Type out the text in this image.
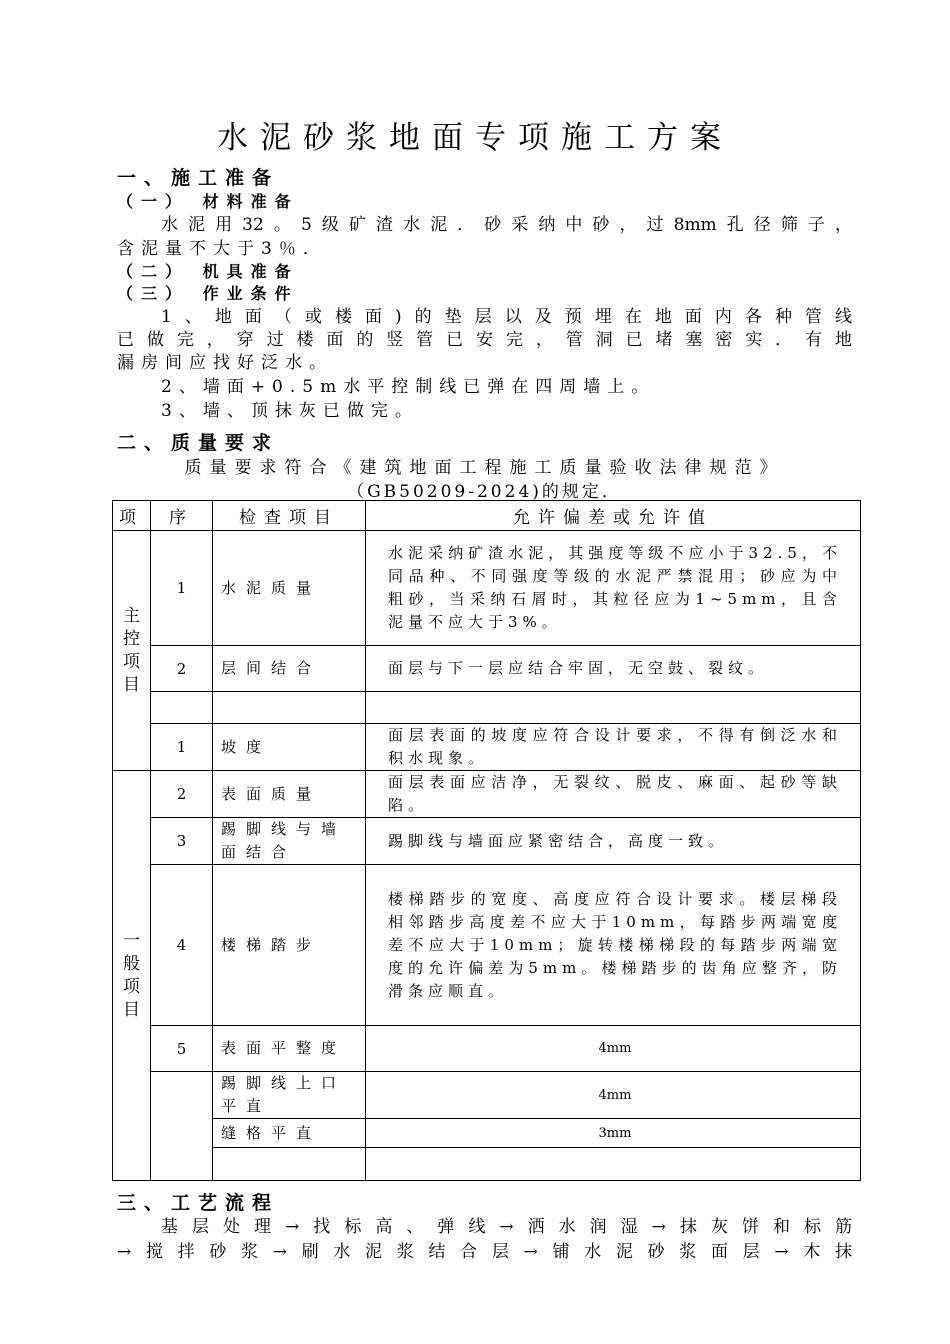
水泥砂浆地面专项施工方案
一、施工准备
（一） 材料准备
水泥用32。5级矿渣水泥．砂采纳中砂，过8mm孔径筛子，
含泥量不大于3％．
（二） 机具准备
（三） 作业条件
1、地面（或楼面)的垫层以及预埋在地面内各种管线
已做完，穿过楼面的竖管已安完，管洞已堵塞密实．有地
漏房间应找好泛水。
2、墙面+0.5m水平控制线已弹在四周墙上。
3、墙、顶抹灰已做完。
二、质量要求
质量要求符合《建筑地面工程施工质量验收法律规范》
（GB50209-2024)的规定．
项	序	检查项目	允许偏差或允许值
主控项目	1	水泥质量	水泥采纳矿渣水泥，其强度等级不应小于32.5，不同品种、不同强度等级的水泥严禁混用；砂应为中粗砂，当采纳石屑时，其粒径应为1~5mm，且含泥量不应大于3%。
	2	层间结合	面层与下一层应结合牢固，无空鼓、裂纹。

	1	坡度	面层表面的坡度应符合设计要求，不得有倒泛水和积水现象。
一般项目	2	表面质量	面层表面应洁净，无裂纹、脱皮、麻面、起砂等缺陷。
	3	踢脚线与墙面结合	踢脚线与墙面应紧密结合，高度一致。
	4	楼梯踏步	楼梯踏步的宽度、高度应符合设计要求。楼层梯段相邻踏步高度差不应大于10mm，每踏步两端宽度差不应大于10mm；旋转楼梯梯段的每踏步两端宽度的允许偏差为5mm。楼梯踏步的齿角应整齐，防滑条应顺直。
	5	表面平整度	4mm
		踢脚线上口平直	4mm
		缝格平直	3mm

三、工艺流程
基层处理→找标高、弹线→洒水润湿→抹灰饼和标筋
→搅拌砂浆→刷水泥浆结合层→铺水泥砂浆面层→木抹
